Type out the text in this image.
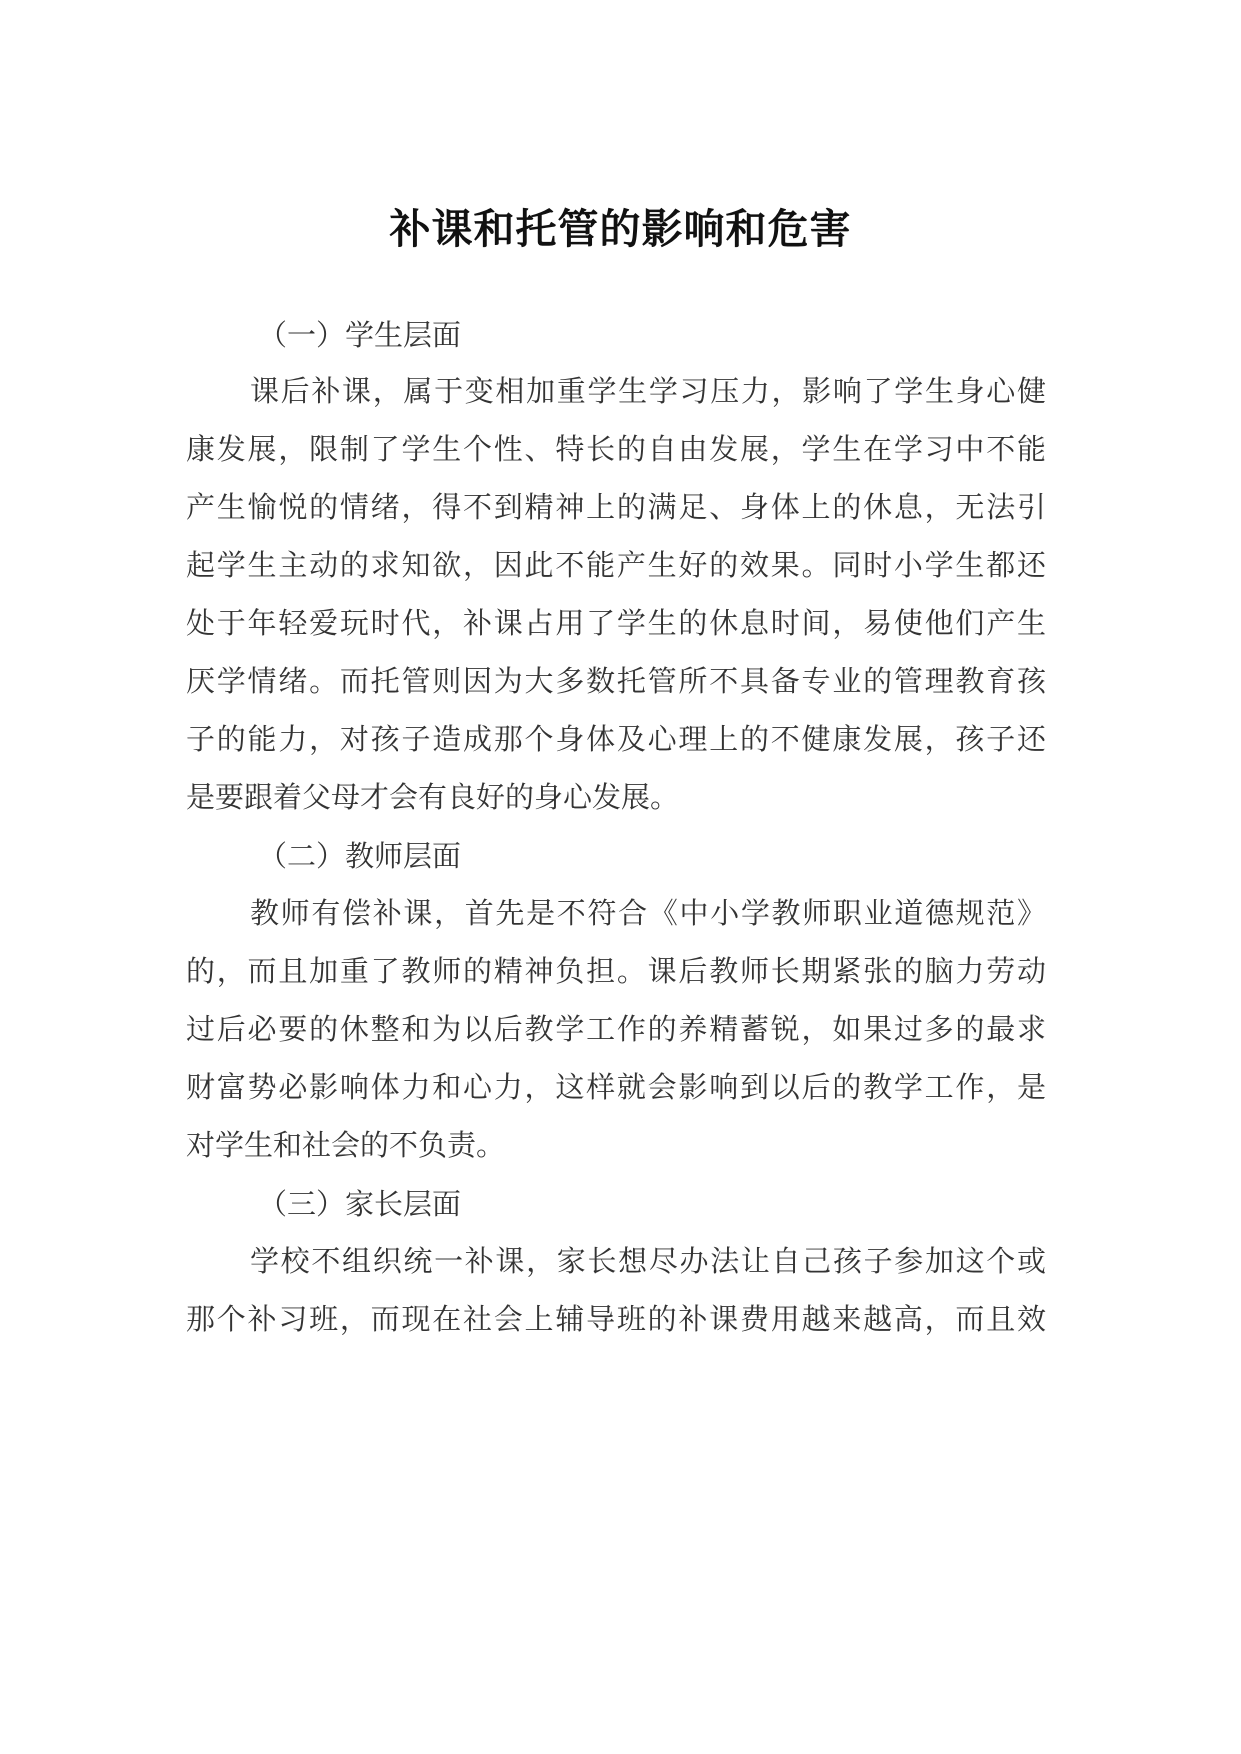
补课和托管的影响和危害

（一）学生层面

课后补课，属于变相加重学生学习压力，影响了学生身心健

康发展，限制了学生个性、特长的自由发展，学生在学习中不能

产生愉悦的情绪，得不到精神上的满足、身体上的休息，无法引

起学生主动的求知欲，因此不能产生好的效果。同时小学生都还

处于年轻爱玩时代，补课占用了学生的休息时间，易使他们产生

厌学情绪。而托管则因为大多数托管所不具备专业的管理教育孩

子的能力，对孩子造成那个身体及心理上的不健康发展，孩子还

是要跟着父母才会有良好的身心发展。

（二）教师层面

教师有偿补课，首先是不符合《中小学教师职业道德规范》

的，而且加重了教师的精神负担。课后教师长期紧张的脑力劳动

过后必要的休整和为以后教学工作的养精蓄锐，如果过多的最求

财富势必影响体力和心力，这样就会影响到以后的教学工作，是

对学生和社会的不负责。

（三）家长层面

学校不组织统一补课，家长想尽办法让自己孩子参加这个或

那个补习班，而现在社会上辅导班的补课费用越来越高，而且效
